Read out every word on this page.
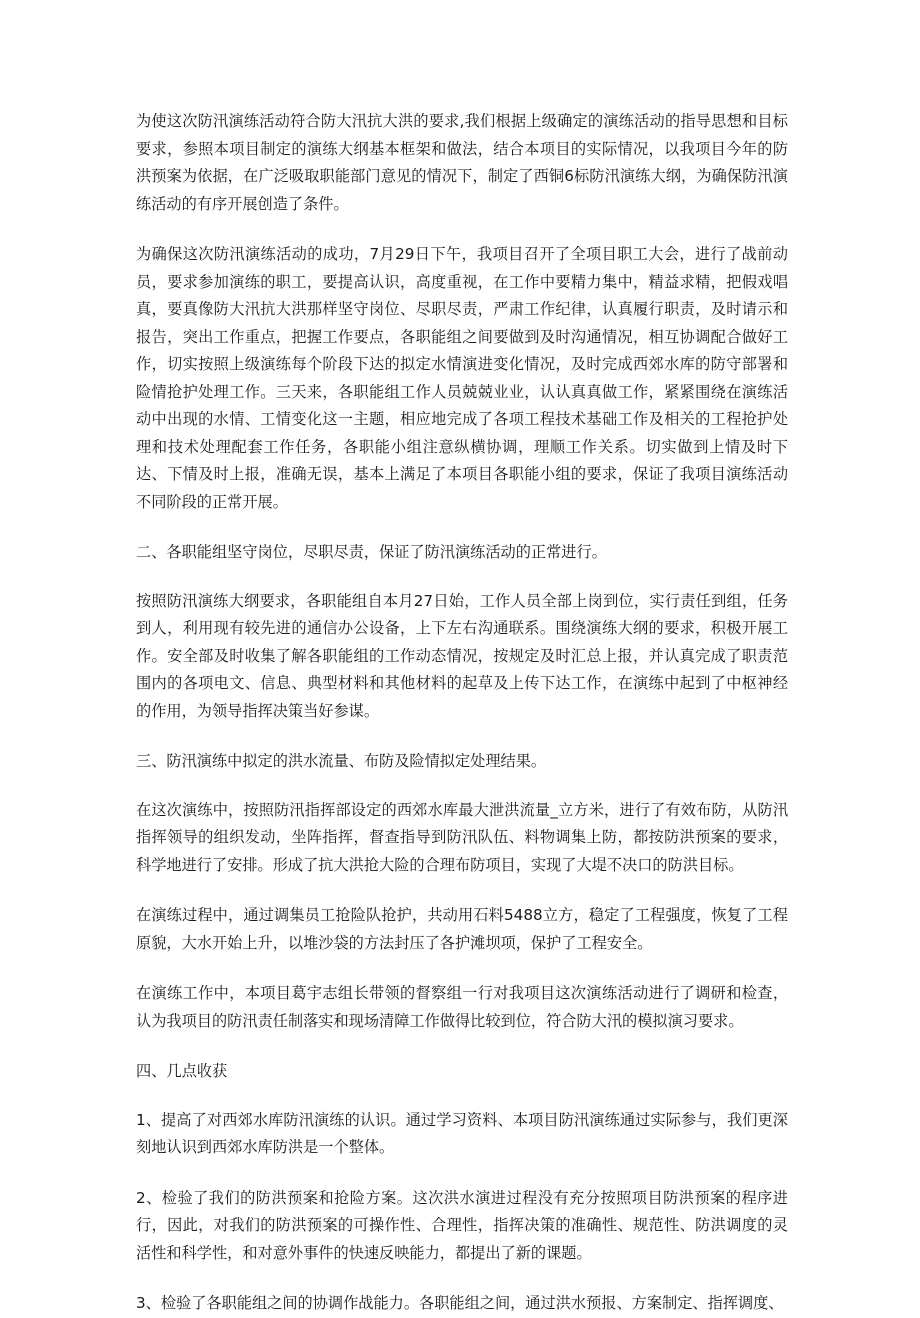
为使这次防汛演练活动符合防大汛抗大洪的要求,我们根据上级确定的演练活动的指导思想和目标要求，参照本项目制定的演练大纲基本框架和做法，结合本项目的实际情况，以我项目今年的防洪预案为依据，在广泛吸取职能部门意见的情况下，制定了西铜6标防汛演练大纲，为确保防汛演练活动的有序开展创造了条件。

为确保这次防汛演练活动的成功，7月29日下午，我项目召开了全项目职工大会，进行了战前动员，要求参加演练的职工，要提高认识，高度重视，在工作中要精力集中，精益求精，把假戏唱真，要真像防大汛抗大洪那样坚守岗位、尽职尽责，严肃工作纪律，认真履行职责，及时请示和报告，突出工作重点，把握工作要点，各职能组之间要做到及时沟通情况，相互协调配合做好工作，切实按照上级演练每个阶段下达的拟定水情演进变化情况，及时完成西郊水库的防守部署和险情抢护处理工作。三天来，各职能组工作人员兢兢业业，认认真真做工作，紧紧围绕在演练活动中出现的水情、工情变化这一主题，相应地完成了各项工程技术基础工作及相关的工程抢护处理和技术处理配套工作任务，各职能小组注意纵横协调，理顺工作关系。切实做到上情及时下达、下情及时上报，准确无误，基本上满足了本项目各职能小组的要求，保证了我项目演练活动不同阶段的正常开展。

二、各职能组坚守岗位，尽职尽责，保证了防汛演练活动的正常进行。

按照防汛演练大纲要求，各职能组自本月27日始，工作人员全部上岗到位，实行责任到组，任务到人，利用现有较先进的通信办公设备，上下左右沟通联系。围绕演练大纲的要求，积极开展工作。安全部及时收集了解各职能组的工作动态情况，按规定及时汇总上报，并认真完成了职责范围内的各项电文、信息、典型材料和其他材料的起草及上传下达工作，在演练中起到了中枢神经的作用，为领导指挥决策当好参谋。

三、防汛演练中拟定的洪水流量、布防及险情拟定处理结果。

在这次演练中，按照防汛指挥部设定的西郊水库最大泄洪流量_立方米，进行了有效布防，从防汛指挥领导的组织发动，坐阵指挥，督查指导到防汛队伍、料物调集上防，都按防洪预案的要求，科学地进行了安排。形成了抗大洪抢大险的合理布防项目，实现了大堤不决口的防洪目标。

在演练过程中，通过调集员工抢险队抢护，共动用石料5488立方，稳定了工程强度，恢复了工程原貌，大水开始上升，以堆沙袋的方法封压了各护滩坝项，保护了工程安全。

在演练工作中，本项目葛宇志组长带领的督察组一行对我项目这次演练活动进行了调研和检查，认为我项目的防汛责任制落实和现场清障工作做得比较到位，符合防大汛的模拟演习要求。

四、几点收获

1、提高了对西郊水库防汛演练的认识。通过学习资料、本项目防汛演练通过实际参与，我们更深刻地认识到西郊水库防洪是一个整体。

2、检验了我们的防洪预案和抢险方案。这次洪水演进过程没有充分按照项目防洪预案的程序进行，因此，对我们的防洪预案的可操作性、合理性，指挥决策的准确性、规范性、防洪调度的灵活性和科学性，和对意外事件的快速反映能力，都提出了新的课题。

3、检验了各职能组之间的协调作战能力。各职能组之间，通过洪水预报、方案制定、指挥调度、
